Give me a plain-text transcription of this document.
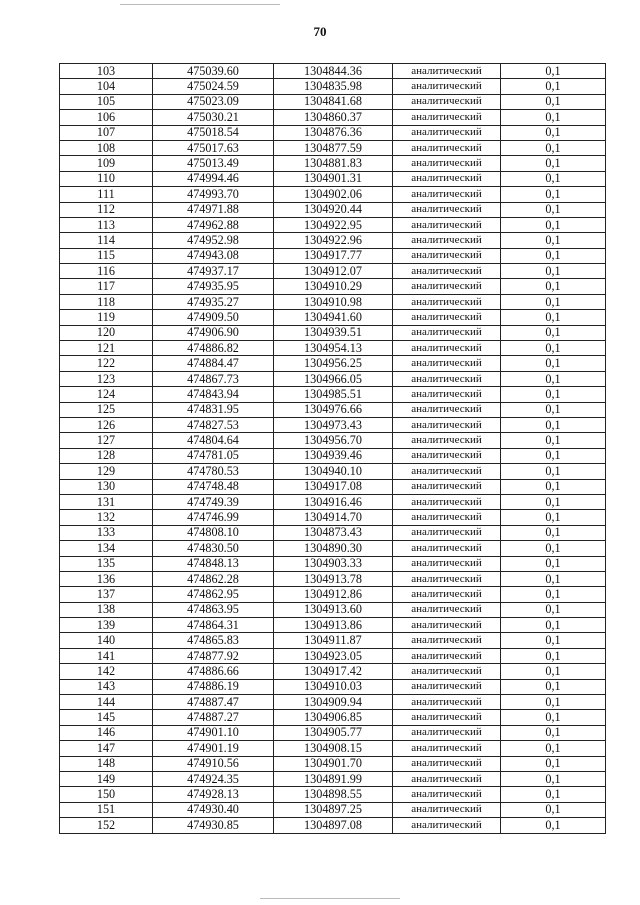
70
103	475039.60	1304844.36	аналитический	0,1
104	475024.59	1304835.98	аналитический	0,1
105	475023.09	1304841.68	аналитический	0,1
106	475030.21	1304860.37	аналитический	0,1
107	475018.54	1304876.36	аналитический	0,1
108	475017.63	1304877.59	аналитический	0,1
109	475013.49	1304881.83	аналитический	0,1
110	474994.46	1304901.31	аналитический	0,1
111	474993.70	1304902.06	аналитический	0,1
112	474971.88	1304920.44	аналитический	0,1
113	474962.88	1304922.95	аналитический	0,1
114	474952.98	1304922.96	аналитический	0,1
115	474943.08	1304917.77	аналитический	0,1
116	474937.17	1304912.07	аналитический	0,1
117	474935.95	1304910.29	аналитический	0,1
118	474935.27	1304910.98	аналитический	0,1
119	474909.50	1304941.60	аналитический	0,1
120	474906.90	1304939.51	аналитический	0,1
121	474886.82	1304954.13	аналитический	0,1
122	474884.47	1304956.25	аналитический	0,1
123	474867.73	1304966.05	аналитический	0,1
124	474843.94	1304985.51	аналитический	0,1
125	474831.95	1304976.66	аналитический	0,1
126	474827.53	1304973.43	аналитический	0,1
127	474804.64	1304956.70	аналитический	0,1
128	474781.05	1304939.46	аналитический	0,1
129	474780.53	1304940.10	аналитический	0,1
130	474748.48	1304917.08	аналитический	0,1
131	474749.39	1304916.46	аналитический	0,1
132	474746.99	1304914.70	аналитический	0,1
133	474808.10	1304873.43	аналитический	0,1
134	474830.50	1304890.30	аналитический	0,1
135	474848.13	1304903.33	аналитический	0,1
136	474862.28	1304913.78	аналитический	0,1
137	474862.95	1304912.86	аналитический	0,1
138	474863.95	1304913.60	аналитический	0,1
139	474864.31	1304913.86	аналитический	0,1
140	474865.83	1304911.87	аналитический	0,1
141	474877.92	1304923.05	аналитический	0,1
142	474886.66	1304917.42	аналитический	0,1
143	474886.19	1304910.03	аналитический	0,1
144	474887.47	1304909.94	аналитический	0,1
145	474887.27	1304906.85	аналитический	0,1
146	474901.10	1304905.77	аналитический	0,1
147	474901.19	1304908.15	аналитический	0,1
148	474910.56	1304901.70	аналитический	0,1
149	474924.35	1304891.99	аналитический	0,1
150	474928.13	1304898.55	аналитический	0,1
151	474930.40	1304897.25	аналитический	0,1
152	474930.85	1304897.08	аналитический	0,1
